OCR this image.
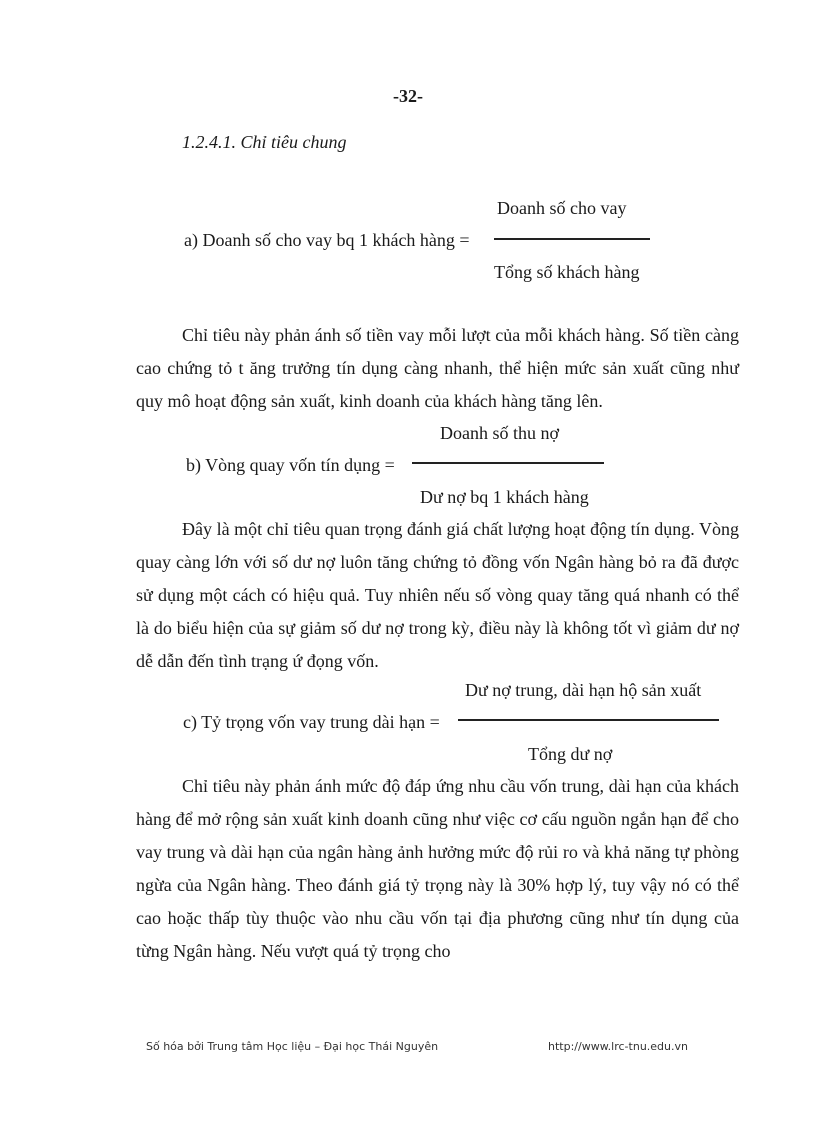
-32-
1.2.4.1. Chỉ tiêu chung
Doanh số cho vay
a) Doanh số cho vay bq 1 khách hàng =
Tổng số khách hàng
Chỉ tiêu này phản ánh số tiền vay mỗi lượt của mỗi khách hàng. Số tiền càng cao chứng tỏ t ăng trưởng tín dụng càng nhanh, thể hiện mức sản xuất cũng như quy mô hoạt động sản xuất, kinh doanh của khách hàng tăng lên.
Doanh số thu nợ
b) Vòng quay vốn tín dụng =
Dư nợ bq 1 khách hàng
Đây là một chỉ tiêu quan trọng đánh giá chất lượng hoạt động tín dụng. Vòng quay càng lớn với số dư nợ luôn tăng chứng tỏ đồng vốn Ngân hàng bỏ ra đã được sử dụng một cách có hiệu quả. Tuy nhiên nếu số vòng quay tăng quá nhanh có thể là do biểu hiện của sự giảm số dư nợ trong kỳ, điều này là không tốt vì giảm dư nợ dễ dẫn đến tình trạng ứ đọng vốn.
Dư nợ trung, dài hạn hộ sản xuất
c) Tỷ trọng vốn vay trung dài hạn =
Tổng dư nợ
Chỉ tiêu này phản ánh mức độ đáp ứng nhu cầu vốn trung, dài hạn của khách hàng để mở rộng sản xuất kinh doanh cũng như việc cơ cấu nguồn ngắn hạn để cho vay trung và dài hạn của ngân hàng ảnh hưởng mức độ rủi ro và khả năng tự phòng ngừa của Ngân hàng. Theo đánh giá tỷ trọng này là 30% hợp lý, tuy vậy nó có thể cao hoặc thấp tùy thuộc vào nhu cầu vốn tại địa phương cũng như tín dụng của từng Ngân hàng. Nếu vượt quá tỷ trọng cho
Số hóa bởi Trung tâm Học liệu – Đại học Thái Nguyên	http://www.lrc-tnu.edu.vn
